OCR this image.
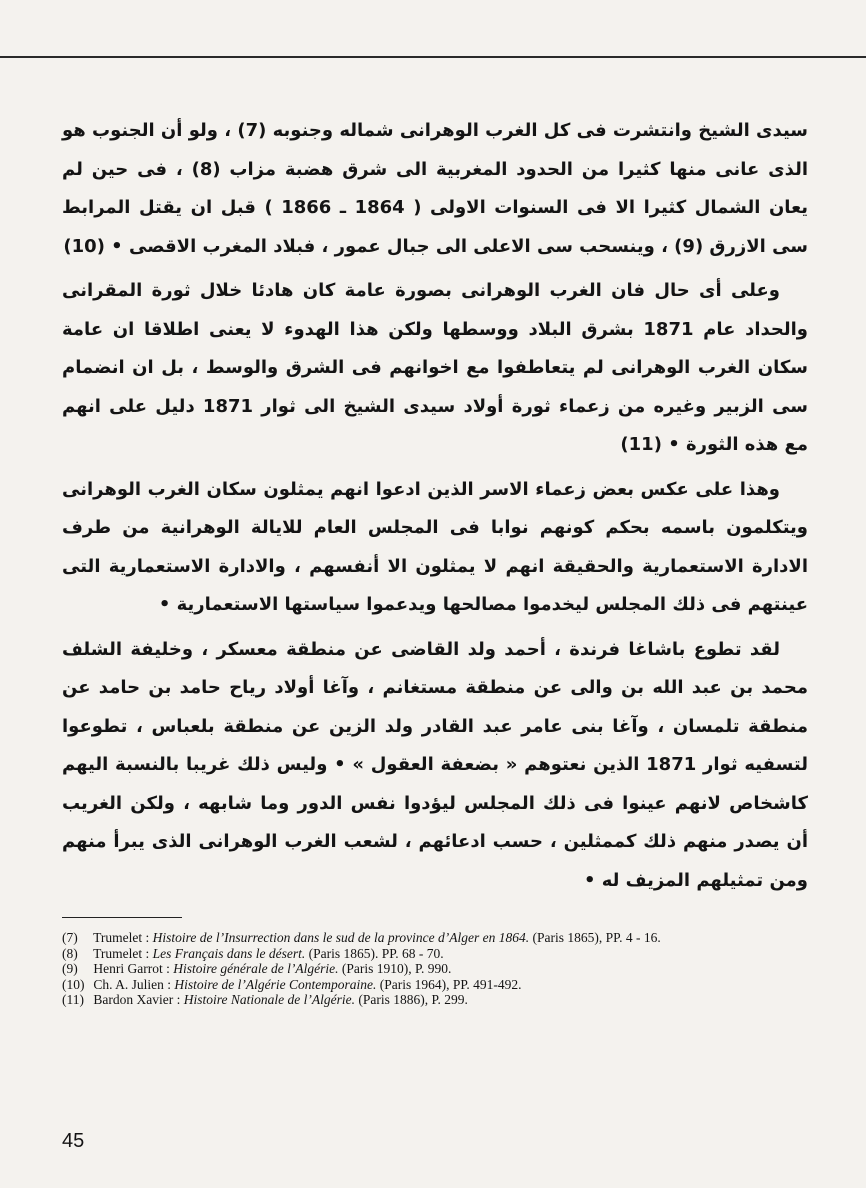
سيدى الشيخ وانتشرت فى كل الغرب الوهرانى شماله وجنوبه (7) ، ولو أن الجنوب هو الذى عانى منها كثيرا من الحدود المغربية الى شرق هضبة مزاب (8) ، فى حين لم يعان الشمال كثيرا الا فى السنوات الاولى ( 1864 ـ 1866 ) قبل ان يقتل المرابط سى الازرق (9) ، وينسحب سى الاعلى الى جبال عمور ، فبلاد المغرب الاقصى • (10)

وعلى أى حال فان الغرب الوهرانى بصورة عامة كان هادئا خلال ثورة المقرانى والحداد عام 1871 بشرق البلاد ووسطها ولكن هذا الهدوء لا يعنى اطلاقا ان عامة سكان الغرب الوهرانى لم يتعاطفوا مع اخوانهم فى الشرق والوسط ، بل ان انضمام سى الزبير وغيره من زعماء ثورة أولاد سيدى الشيخ الى ثوار 1871 دليل على انهم مع هذه الثورة • (11)

وهذا على عكس بعض زعماء الاسر الذين ادعوا انهم يمثلون سكان الغرب الوهرانى ويتكلمون باسمه بحكم كونهم نوابا فى المجلس العام للايالة الوهرانية من طرف الادارة الاستعمارية والحقيقة انهم لا يمثلون الا أنفسهم ، والادارة الاستعمارية التى عينتهم فى ذلك المجلس ليخدموا مصالحها ويدعموا سياستها الاستعمارية •

لقد تطوع باشاغا فرندة ، أحمد ولد القاضى عن منطقة معسكر ، وخليفة الشلف محمد بن عبد الله بن والى عن منطقة مستغانم ، وآغا أولاد رياح حامد بن حامد عن منطقة تلمسان ، وآغا بنى عامر عبد القادر ولد الزين عن منطقة بلعباس ، تطوعوا لتسفيه ثوار 1871 الذين نعتوهم « بضعفة العقول » • وليس ذلك غريبا بالنسبة اليهم كاشخاص لانهم عينوا فى ذلك المجلس ليؤدوا نفس الدور وما شابهه ، ولكن الغريب أن يصدر منهم ذلك كممثلين ، حسب ادعائهم ، لشعب الغرب الوهرانى الذى يبرأ منهم ومن تمثيلهم المزيف له •

(7) Trumelet : Histoire de l’Insurrection dans le sud de la province d’Alger en 1864. (Paris 1865), PP. 4 - 16.
(8) Trumelet : Les Français dans le désert. (Paris 1865). PP. 68 - 70.
(9) Henri Garrot : Histoire générale de l’Algérie. (Paris 1910), P. 990.
(10) Ch. A. Julien : Histoire de l’Algérie Contemporaine. (Paris 1964), PP. 491-492.
(11) Bardon Xavier : Histoire Nationale de l’Algérie. (Paris 1886), P. 299.
45
